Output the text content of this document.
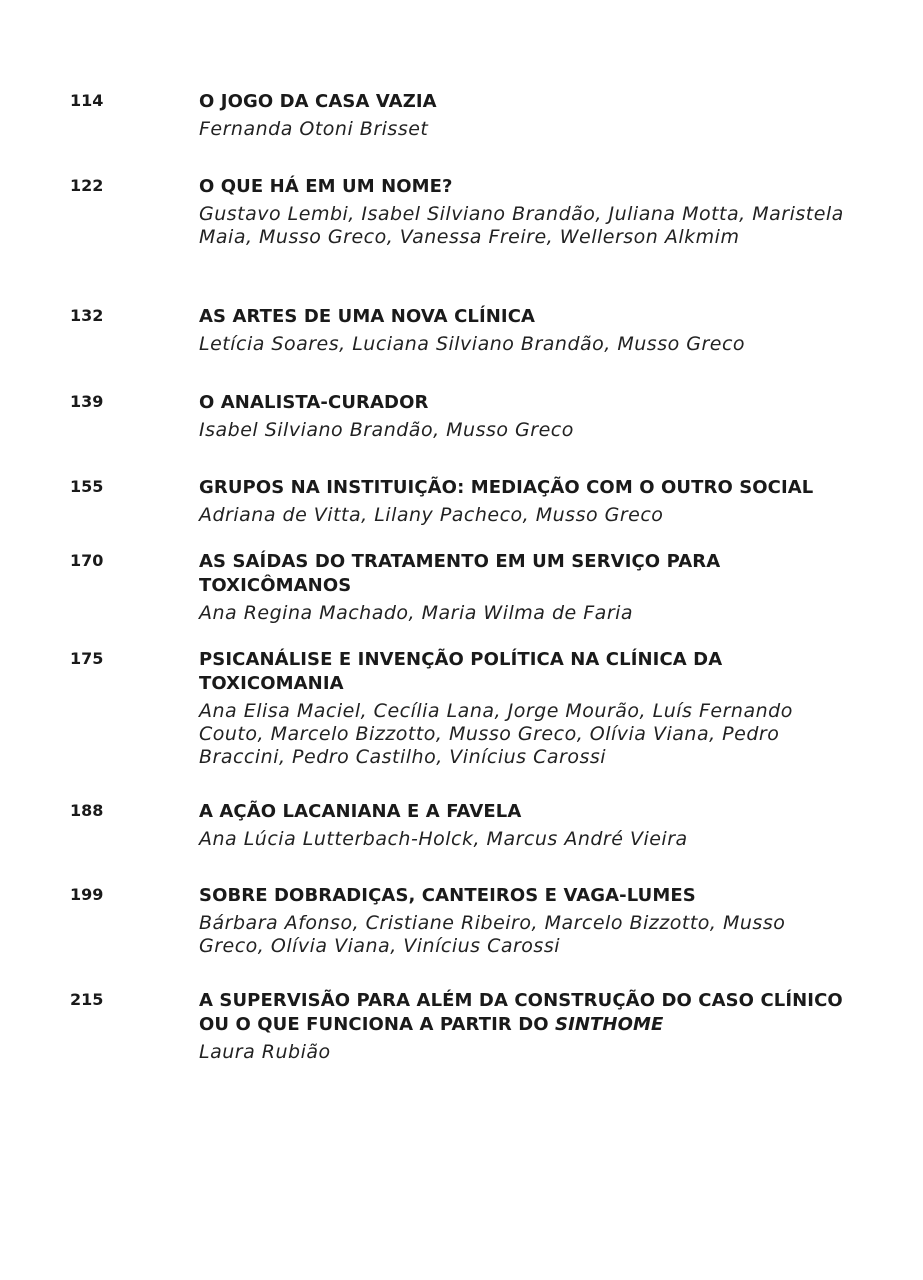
114	O JOGO DA CASA VAZIA
Fernanda Otoni Brisset
122	O QUE HÁ EM UM NOME?
Gustavo Lembi, Isabel Silviano Brandão, Juliana Motta, Maristela Maia, Musso Greco, Vanessa Freire, Wellerson Alkmim
132	AS ARTES DE UMA NOVA CLÍNICA
Letícia Soares, Luciana Silviano Brandão, Musso Greco
139	O ANALISTA-CURADOR
Isabel Silviano Brandão, Musso Greco
155	GRUPOS NA INSTITUIÇÃO: MEDIAÇÃO COM O OUTRO SOCIAL
Adriana de Vitta, Lilany Pacheco, Musso Greco
170	AS SAÍDAS DO TRATAMENTO EM UM SERVIÇO PARA TOXICÔMANOS
Ana Regina Machado, Maria Wilma de Faria
175	PSICANÁLISE E INVENÇÃO POLÍTICA NA CLÍNICA DA TOXICOMANIA
Ana Elisa Maciel, Cecília Lana, Jorge Mourão, Luís Fernando Couto, Marcelo Bizzotto, Musso Greco, Olívia Viana, Pedro Braccini, Pedro Castilho, Vinícius Carossi
188	A AÇÃO LACANIANA E A FAVELA
Ana Lúcia Lutterbach-Holck, Marcus André Vieira
199	SOBRE DOBRADIÇAS, CANTEIROS E VAGA-LUMES
Bárbara Afonso, Cristiane Ribeiro, Marcelo Bizzotto, Musso Greco, Olívia Viana, Vinícius Carossi
215	A SUPERVISÃO PARA ALÉM DA CONSTRUÇÃO DO CASO CLÍNICO OU O QUE FUNCIONA A PARTIR DO SINTHOME
Laura Rubião
